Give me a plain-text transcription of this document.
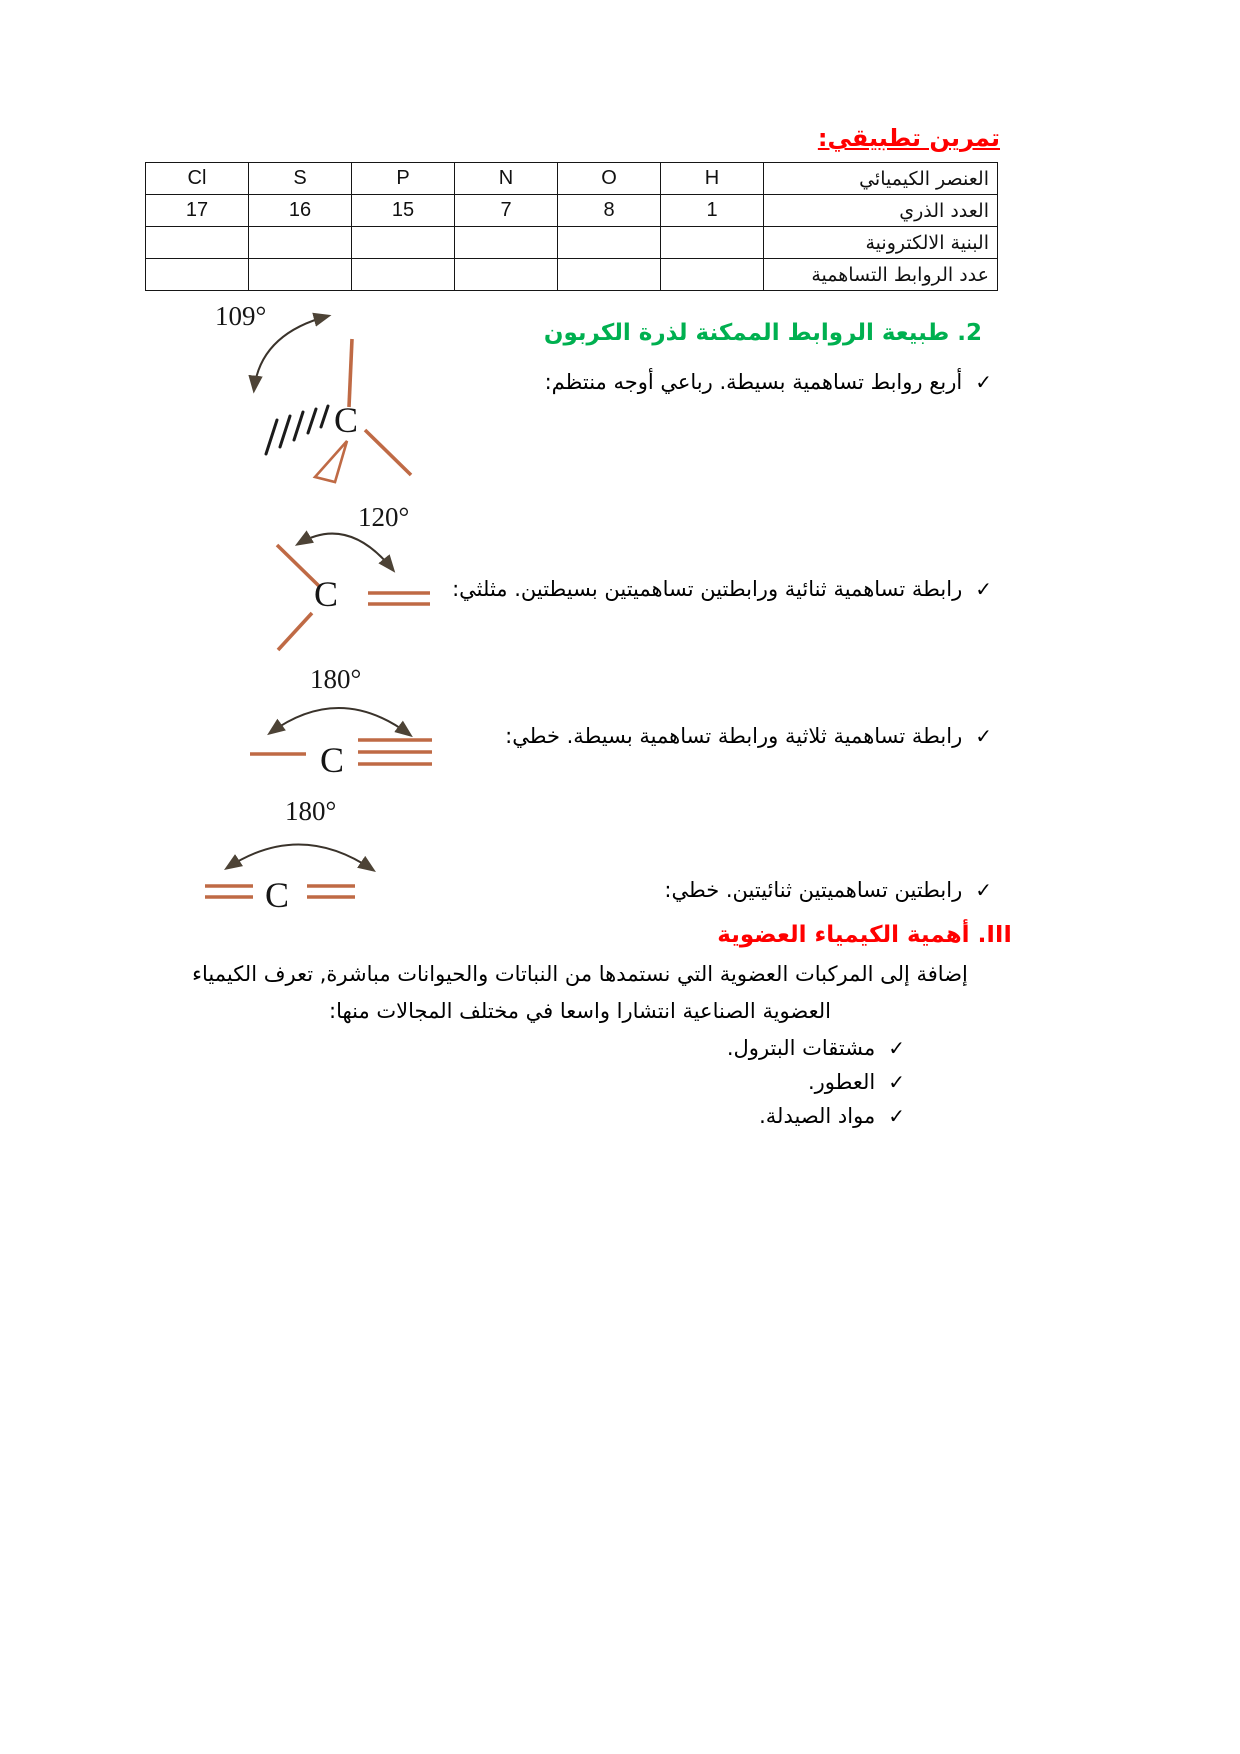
تمرين تطبيقي:
Cl	S	P	N	O	H	العنصر الكيميائي
17	16	15	7	8	1	العدد الذري
						البنية الالكترونية
						عدد الروابط التساهمية
2. طبيعة الروابط الممكنة لذرة الكربون
109°
C
✓أربع روابط تساهمية بسيطة. رباعي أوجه منتظم:
120°
C	✓رابطة تساهمية ثنائية ورابطتين تساهميتين بسيطتين. مثلثي:
180°
C
✓رابطة تساهمية ثلاثية ورابطة تساهمية بسيطة. خطي:
180°
C	✓رابطتين تساهميتين ثنائيتين. خطي:
III. أهمية الكيمياء العضوية
إضافة إلى المركبات العضوية التي نستمدها من النباتات والحيوانات مباشرة, تعرف الكيمياء
العضوية الصناعية انتشارا واسعا في مختلف المجالات منها:
✓مشتقات البترول.
✓العطور.
✓مواد الصيدلة.
